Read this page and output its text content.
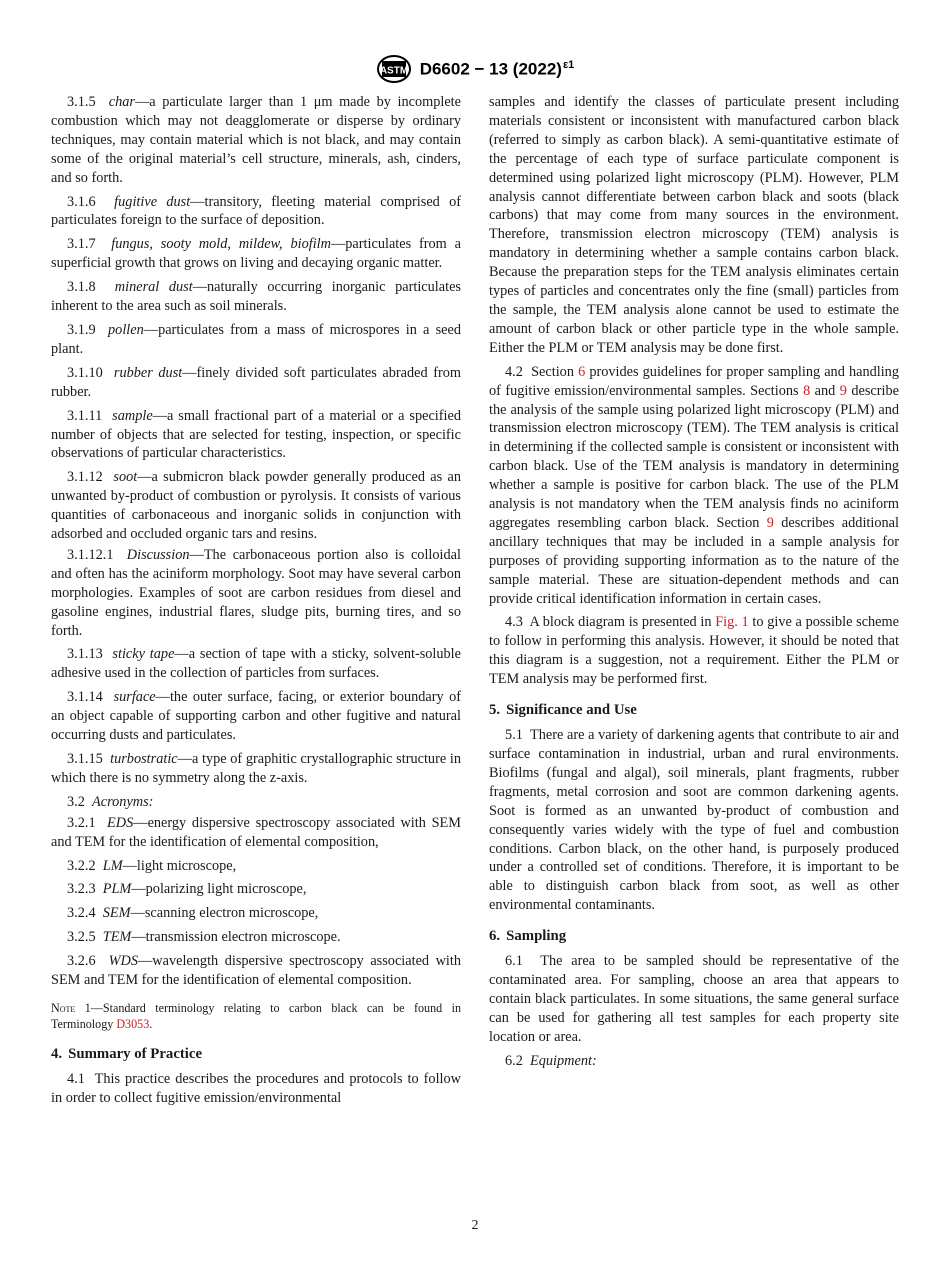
ASTM D6602 − 13 $(2022)^{\varepsilon 1}$

3.1.5 char—a particulate larger than 1 μm made by incomplete combustion which may not deagglomerate or disperse by ordinary techniques, may contain material which is not black, and may contain some of the original material’s cell structure, minerals, ash, cinders, and so forth.

3.1.6 fugitive dust—transitory, fleeting material comprised of particulates foreign to the surface of deposition.

3.1.7 fungus, sooty mold, mildew, biofilm—particulates from a superficial growth that grows on living and decaying organic matter.

3.1.8 mineral dust—naturally occurring inorganic particulates inherent to the area such as soil minerals.

3.1.9 pollen—particulates from a mass of microspores in a seed plant.

3.1.10 rubber dust—finely divided soft particulates abraded from rubber.

3.1.11 sample—a small fractional part of a material or a specified number of objects that are selected for testing, inspection, or specific observations of particular characteristics.

3.1.12 soot—a submicron black powder generally produced as an unwanted by-product of combustion or pyrolysis. It consists of various quantities of carbonaceous and inorganic solids in conjunction with adsorbed and occluded organic tars and resins.

3.1.12.1 Discussion—The carbonaceous portion also is colloidal and often has the aciniform morphology. Soot may have several carbon morphologies. Examples of soot are carbon residues from diesel and gasoline engines, industrial flares, sludge pits, burning tires, and so forth.

3.1.13 sticky tape—a section of tape with a sticky, solvent-soluble adhesive used in the collection of particles from surfaces.

3.1.14 surface—the outer surface, facing, or exterior boundary of an object capable of supporting carbon and other fugitive and natural occurring dusts and particulates.

3.1.15 turbostratic—a type of graphitic crystallographic structure in which there is no symmetry along the z-axis.

3.2 Acronyms:

3.2.1 EDS—energy dispersive spectroscopy associated with SEM and TEM for the identification of elemental composition,

3.2.2 LM—light microscope,

3.2.3 PLM—polarizing light microscope,

3.2.4 SEM—scanning electron microscope,

3.2.5 TEM—transmission electron microscope.

3.2.6 WDS—wavelength dispersive spectroscopy associated with SEM and TEM for the identification of elemental composition.

Note 1—Standard terminology relating to carbon black can be found in Terminology D3053.

4. Summary of Practice

4.1 This practice describes the procedures and protocols to follow in order to collect fugitive emission/environmental

samples and identify the classes of particulate present including materials consistent or inconsistent with manufactured carbon black (referred to simply as carbon black). A semi-quantitative estimate of the percentage of each type of surface particulate component is determined using polarized light microscopy (PLM). However, PLM analysis cannot differentiate between carbon black and soots (black carbons) that may come from many sources in the environment. Therefore, transmission electron microscopy (TEM) analysis is mandatory in determining whether a sample contains carbon black. Because the preparation steps for the TEM analysis eliminates certain types of particles and concentrates only the fine (small) particles from the sample, the TEM analysis alone cannot be used to estimate the amount of carbon black or other particle type in the whole sample. Either the PLM or TEM analysis may be done first.

4.2 Section 6 provides guidelines for proper sampling and handling of fugitive emission/environmental samples. Sections 8 and 9 describe the analysis of the sample using polarized light microscopy (PLM) and transmission electron microscopy (TEM). The TEM analysis is critical in determining if the collected sample is consistent or inconsistent with carbon black. Use of the TEM analysis is mandatory in determining whether a sample is positive for carbon black. The use of the PLM analysis is not mandatory when the TEM analysis finds no aciniform aggregates resembling carbon black. Section 9 describes additional ancillary techniques that may be included in a sample analysis for purposes of providing supporting information as to the nature of the sample material. These are situation-dependent methods and can provide critical identification information in certain cases.

4.3 A block diagram is presented in Fig. 1 to give a possible scheme to follow in performing this analysis. However, it should be noted that this diagram is a suggestion, not a requirement. Either the PLM or TEM analysis may be performed first.

5. Significance and Use

5.1 There are a variety of darkening agents that contribute to air and surface contamination in industrial, urban and rural environments. Biofilms (fungal and algal), soil minerals, plant fragments, rubber fragments, metal corrosion and soot are common darkening agents. Soot is formed as an unwanted by-product of combustion and consequently varies widely with the type of fuel and combustion conditions. Carbon black, on the other hand, is purposely produced under a controlled set of conditions. Therefore, it is important to be able to distinguish carbon black from soot, as well as other environmental contaminants.

6. Sampling

6.1 The area to be sampled should be representative of the contaminated area. For sampling, choose an area that appears to contain black particulates. In some situations, the same general surface can be used for gathering all test samples for each property site location or area.

6.2 Equipment:

2
